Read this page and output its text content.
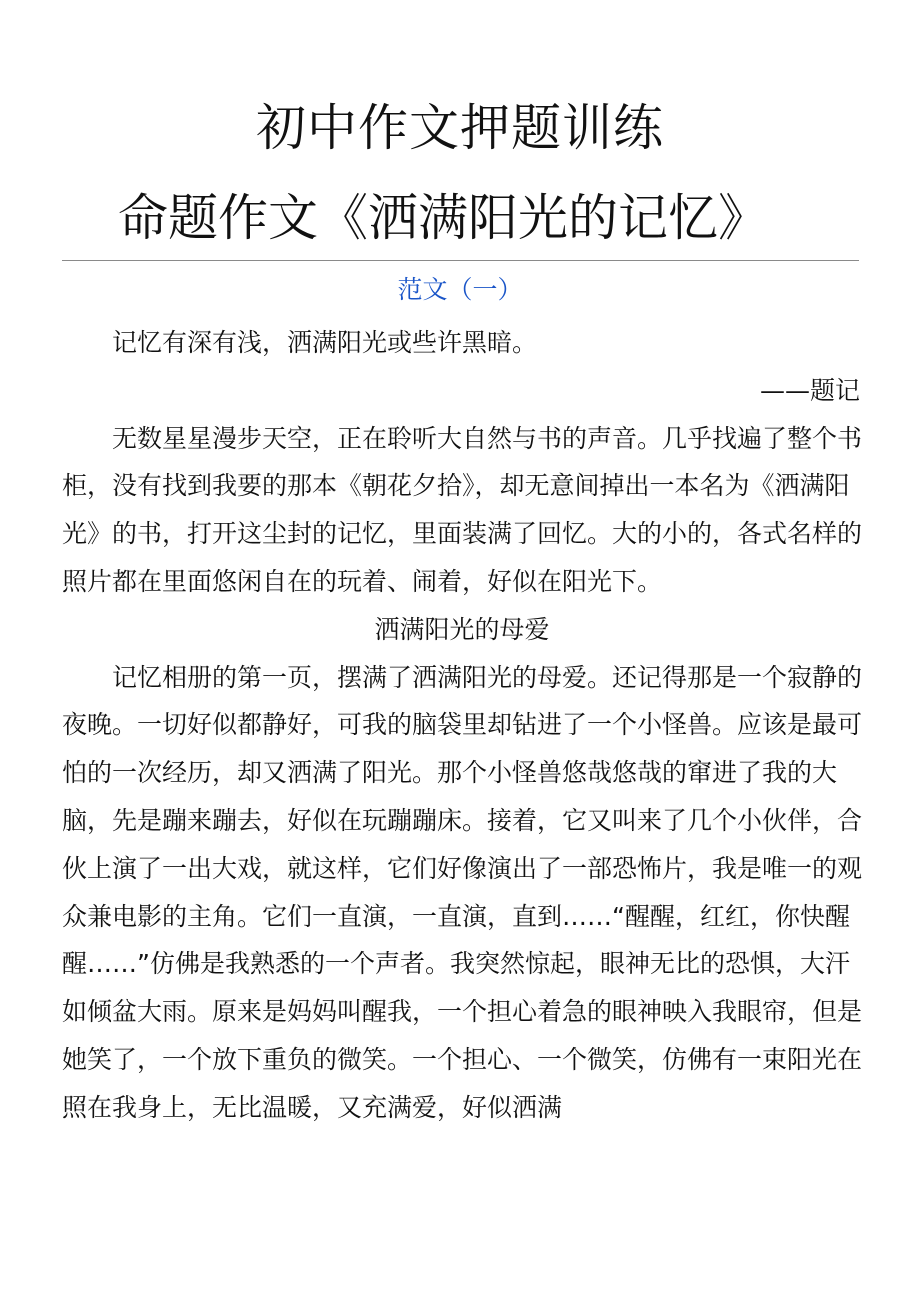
初中作文押题训练
命题作文《洒满阳光的记忆》
范文（一）

记忆有深有浅，洒满阳光或些许黑暗。

——题记

无数星星漫步天空，正在聆听大自然与书的声音。几乎找遍了整个书柜，没有找到我要的那本《朝花夕拾》，却无意间掉出一本名为《洒满阳光》的书，打开这尘封的记忆，里面装满了回忆。大的小的，各式名样的照片都在里面悠闲自在的玩着、闹着，好似在阳光下。

洒满阳光的母爱

记忆相册的第一页，摆满了洒满阳光的母爱。还记得那是一个寂静的夜晚。一切好似都静好，可我的脑袋里却钻进了一个小怪兽。应该是最可怕的一次经历，却又洒满了阳光。那个小怪兽悠哉悠哉的窜进了我的大脑，先是蹦来蹦去，好似在玩蹦蹦床。接着，它又叫来了几个小伙伴，合伙上演了一出大戏，就这样，它们好像演出了一部恐怖片，我是唯一的观众兼电影的主角。它们一直演，一直演，直到……“醒醒，红红，你快醒醒……”仿佛是我熟悉的一个声者。我突然惊起，眼神无比的恐惧，大汗如倾盆大雨。原来是妈妈叫醒我，一个担心着急的眼神映入我眼帘，但是她笑了，一个放下重负的微笑。一个担心、一个微笑，仿佛有一束阳光在照在我身上，无比温暖，又充满爱，好似洒满
